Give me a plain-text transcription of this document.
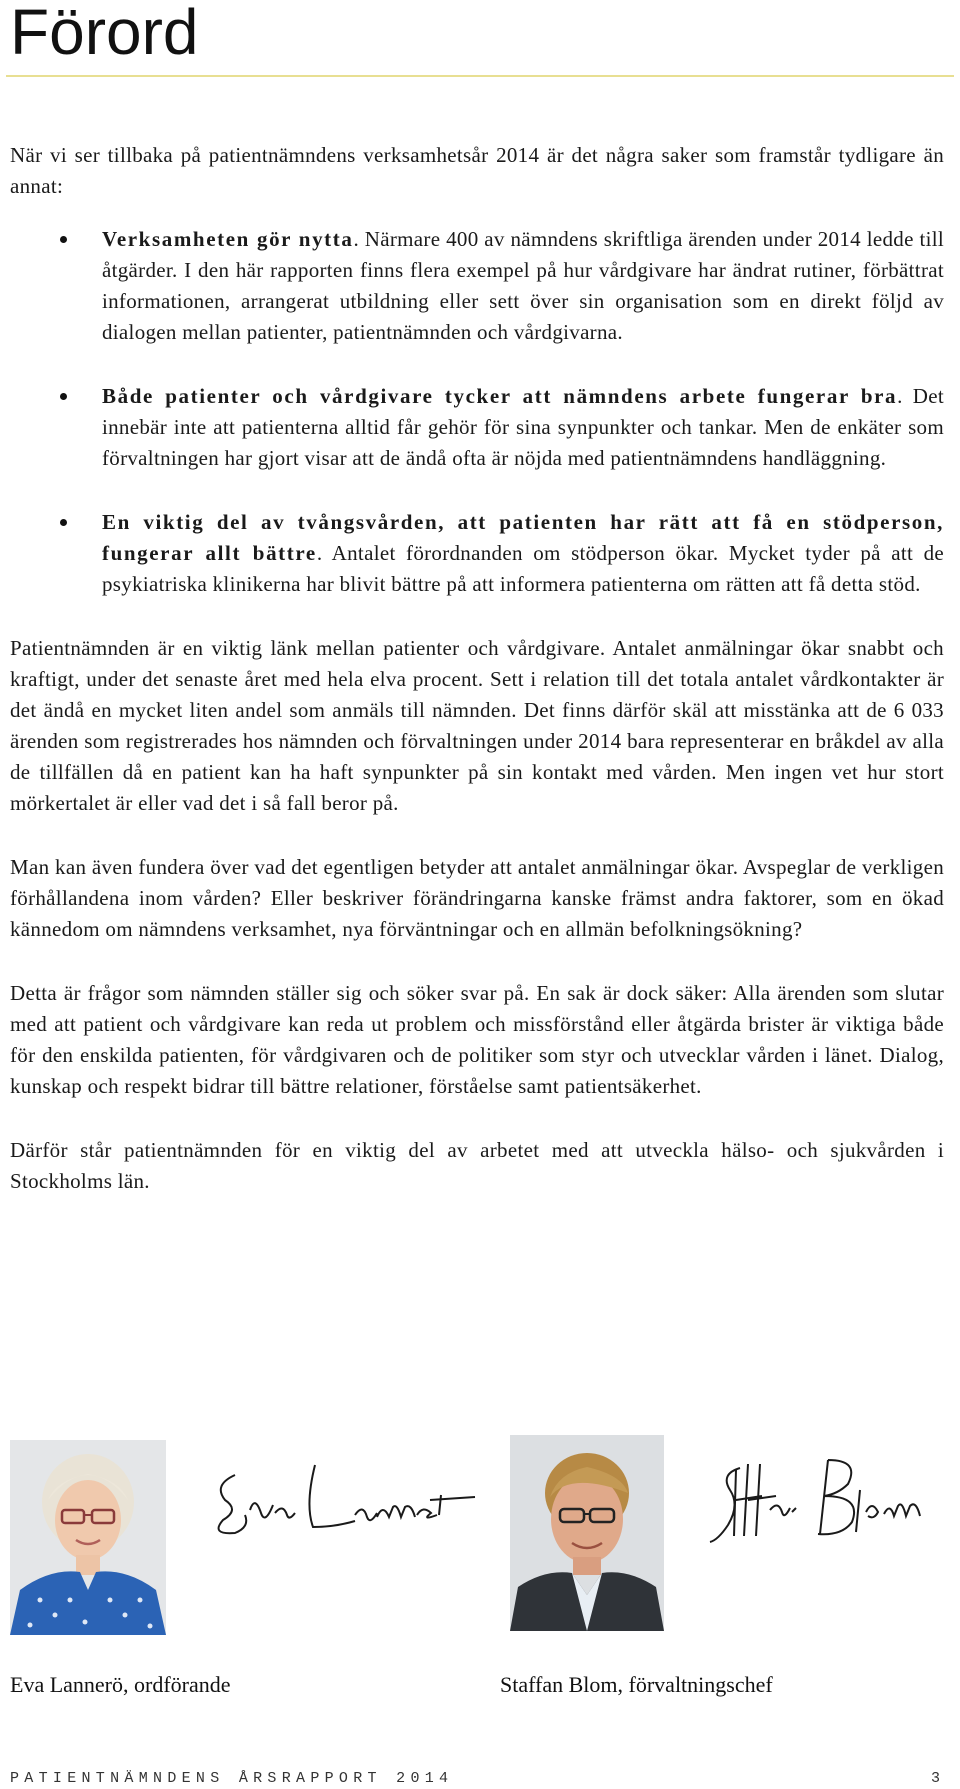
Förord

När vi ser tillbaka på patientnämndens verksamhetsår 2014 är det några saker som framstår tydligare än annat:

Verksamheten gör nytta. Närmare 400 av nämndens skriftliga ärenden under 2014 ledde till åtgärder. I den här rapporten finns flera exempel på hur vårdgivare har ändrat rutiner, förbättrat informationen, arrangerat utbildning eller sett över sin organisation som en direkt följd av dialogen mellan patienter, patientnämnden och vårdgivarna.
Både patienter och vårdgivare tycker att nämndens arbete fungerar bra. Det innebär inte att patienterna alltid får gehör för sina synpunkter och tankar. Men de enkäter som förvaltningen har gjort visar att de ändå ofta är nöjda med patientnämndens handläggning.
En viktig del av tvångsvården, att patienten har rätt att få en stödperson, fungerar allt bättre. Antalet förordnanden om stödperson ökar. Mycket tyder på att de psykiatriska klinikerna har blivit bättre på att informera patienterna om rätten att få detta stöd.

Patientnämnden är en viktig länk mellan patienter och vårdgivare. Antalet anmälningar ökar snabbt och kraftigt, under det senaste året med hela elva procent. Sett i relation till det totala antalet vårdkontakter är det ändå en mycket liten andel som anmäls till nämnden. Det finns därför skäl att misstänka att de 6 033 ärenden som registrerades hos nämnden och förvaltningen under 2014 bara representerar en bråkdel av alla de tillfällen då en patient kan ha haft synpunkter på sin kontakt med vården. Men ingen vet hur stort mörkertalet är eller vad det i så fall beror på.

Man kan även fundera över vad det egentligen betyder att antalet anmälningar ökar. Avspeglar de verkligen förhållandena inom vården? Eller beskriver förändringarna kanske främst andra faktorer, som en ökad kännedom om nämndens verksamhet, nya förväntningar och en allmän befolkningsökning?

Detta är frågor som nämnden ställer sig och söker svar på. En sak är dock säker: Alla ärenden som slutar med att patient och vårdgivare kan reda ut problem och missförstånd eller åtgärda brister är viktiga både för den enskilda patienten, för vårdgivaren och de politiker som styr och utvecklar vården i länet. Dialog, kunskap och respekt bidrar till bättre relationer, förståelse samt patientsäkerhet.

Därför står patientnämnden för en viktig del av arbetet med att utveckla hälso- och sjukvården i Stockholms län.

Eva Lannerö, ordförande	Staffan Blom, förvaltningschef
PATIENTNÄMNDENS ÅRSRAPPORT 2014	3
